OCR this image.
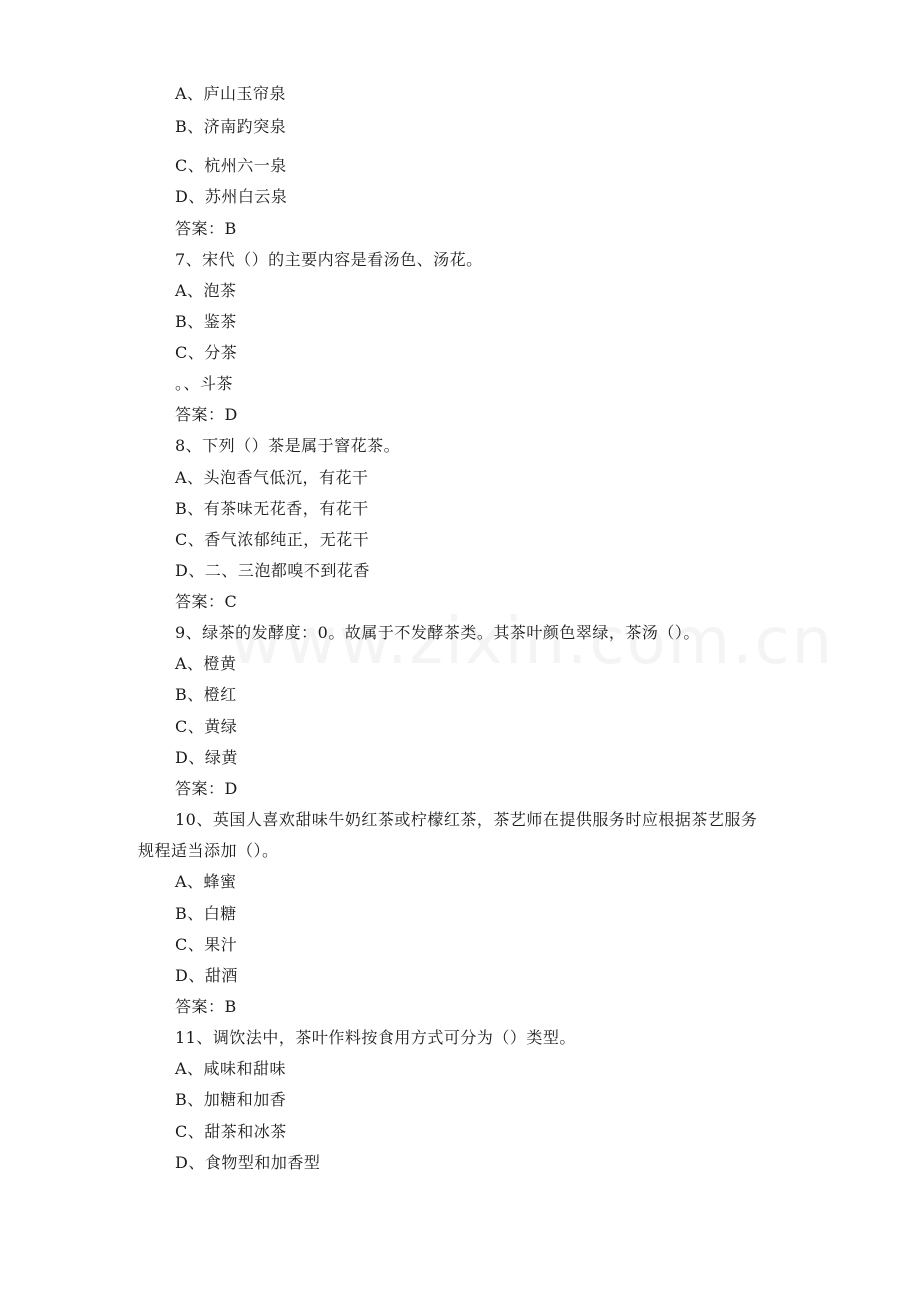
A、庐山玉帘泉
B、济南趵突泉
C、杭州六一泉
D、苏州白云泉
答案：B
7、宋代（）的主要内容是看汤色、汤花。
A、泡茶
B、鉴茶
C、分茶
。、斗茶
答案：D
8、下列（）茶是属于窨花茶。
A、头泡香气低沉，有花干
B、有茶味无花香，有花干
C、香气浓郁纯正，无花干
D、二、三泡都嗅不到花香
答案：C
9、绿茶的发酵度：0。故属于不发酵茶类。其茶叶颜色翠绿，茶汤（）。
A、橙黄
B、橙红
C、黄绿
D、绿黄
答案：D
10、英国人喜欢甜味牛奶红茶或柠檬红茶，茶艺师在提供服务时应根据茶艺服务
规程适当添加（）。
A、蜂蜜
B、白糖
C、果汁
D、甜酒
答案：B
11、调饮法中，茶叶作料按食用方式可分为（）类型。
A、咸味和甜味
B、加糖和加香
C、甜茶和冰茶
D、食物型和加香型
